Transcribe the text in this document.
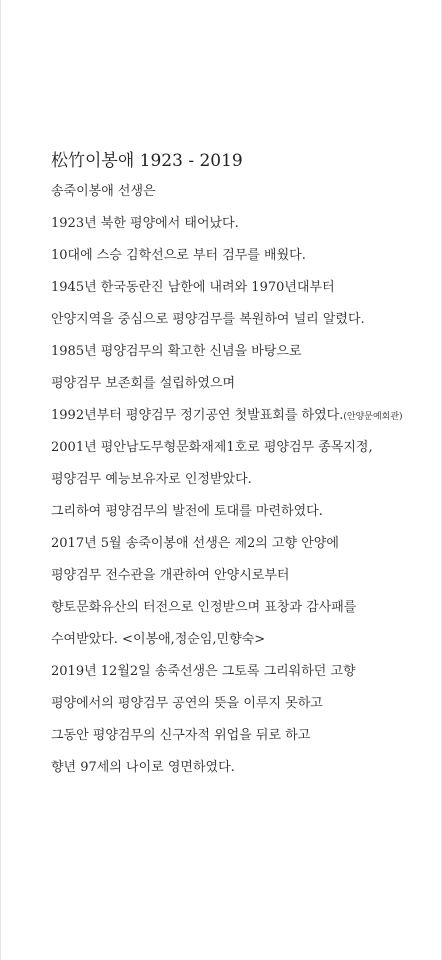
松竹이봉애 1923 - 2019
송죽이봉애 선생은
1923년 북한 평양에서 태어났다.
10대에 스승 김학선으로 부터 검무를 배웠다.
1945년 한국동란진 남한에 내려와 1970년대부터
안양지역을 중심으로 평양검무를 복원하여 널리 알렸다.
1985년 평양검무의 확고한 신념을 바탕으로
평양검무 보존회를 설립하였으며
1992년부터 평양검무 정기공연 첫발표회를 하였다.(안양문예회관)
2001년 평안남도무형문화재제1호로 평양검무 종목지정,
평양검무 예능보유자로 인정받았다.
그리하여 평양검무의 발전에 토대를 마련하였다.
2017년 5월 송죽이봉애 선생은 제2의 고향 안양에
평양검무 전수관을 개관하여 안양시로부터
향토문화유산의 터전으로 인정받으며 표창과 감사패를
수여받았다. <이봉애,정순임,민향숙>
2019년 12월2일 송죽선생은 그토록 그리워하던 고향
평양에서의 평양검무 공연의 뜻을 이루지 못하고
그동안 평양검무의 신구자적 위업을 뒤로 하고
향년 97세의 나이로 영면하였다.
